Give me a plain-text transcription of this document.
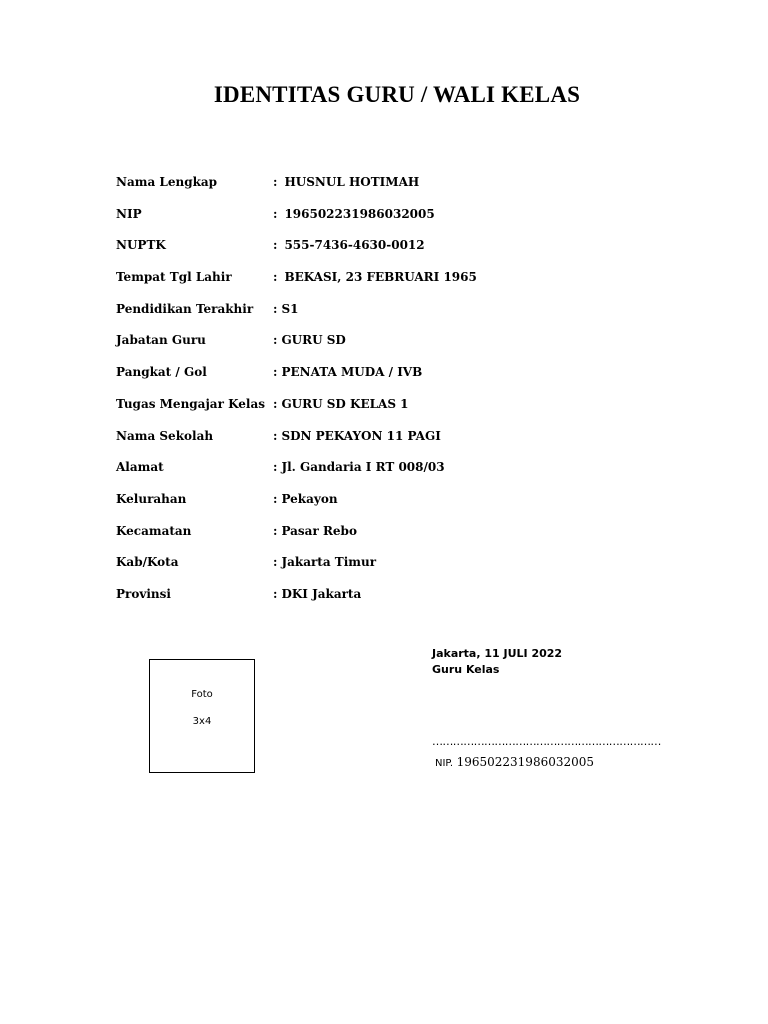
IDENTITAS GURU / WALI KELAS
Nama Lengkap	: HUSNUL HOTIMAH
NIP	: 196502231986032005
NUPTK	: 555-7436-4630-0012
Tempat Tgl Lahir	: BEKASI, 23 FEBRUARI 1965
Pendidikan Terakhir : S1
Jabatan Guru	: GURU SD
Pangkat / Gol	: PENATA MUDA / IVB
Tugas Mengajar Kelas : GURU SD KELAS 1
Nama Sekolah	: SDN PEKAYON 11 PAGI
Alamat	: Jl. Gandaria I RT 008/03
Kelurahan	: Pekayon
Kecamatan	: Pasar Rebo
Kab/Kota	: Jakarta Timur
Provinsi	: DKI Jakarta
Foto
3x4
Jakarta, 11 JULI 2022
Guru Kelas
…………………………………………………………
NIP. 196502231986032005
